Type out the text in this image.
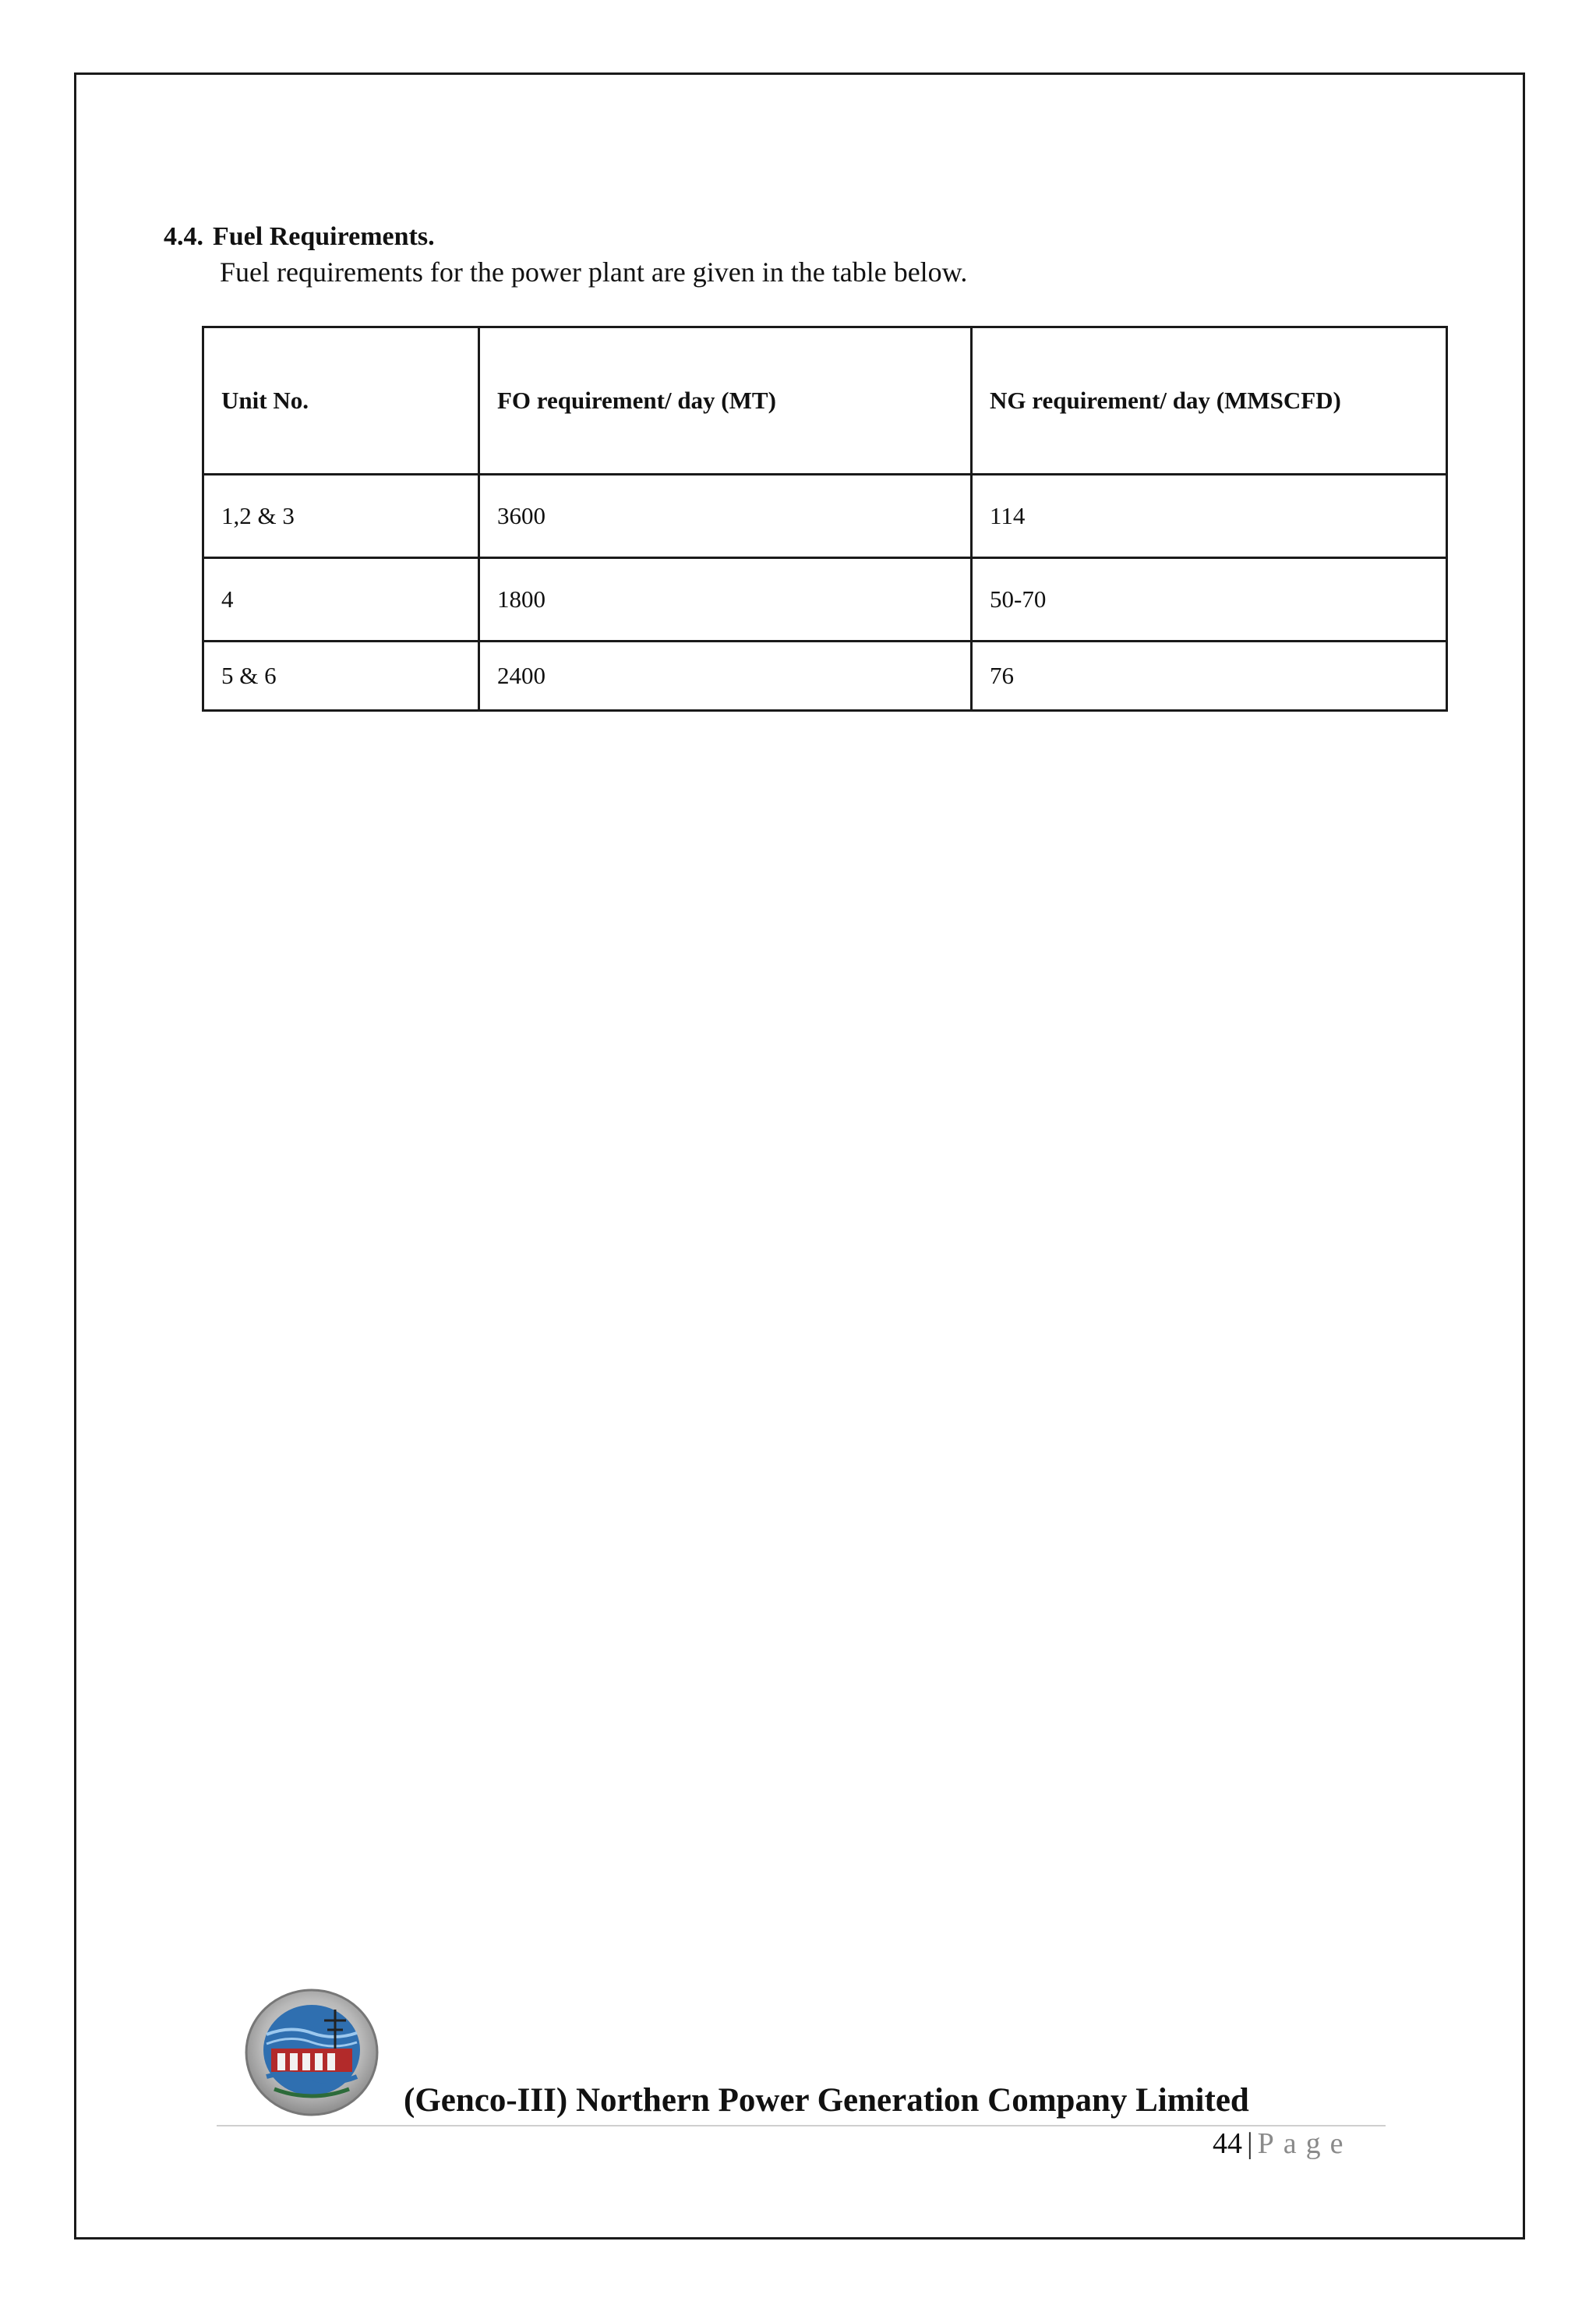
4.4. Fuel Requirements.
Fuel requirements for the power plant are given in the table below.
Unit No.	FO requirement/ day (MT)	NG requirement/ day (MMSCFD)
1,2 & 3	3600	114
4	1800	50-70
5 & 6	2400	76
(Genco-III) Northern Power Generation Company Limited
44 | Page
